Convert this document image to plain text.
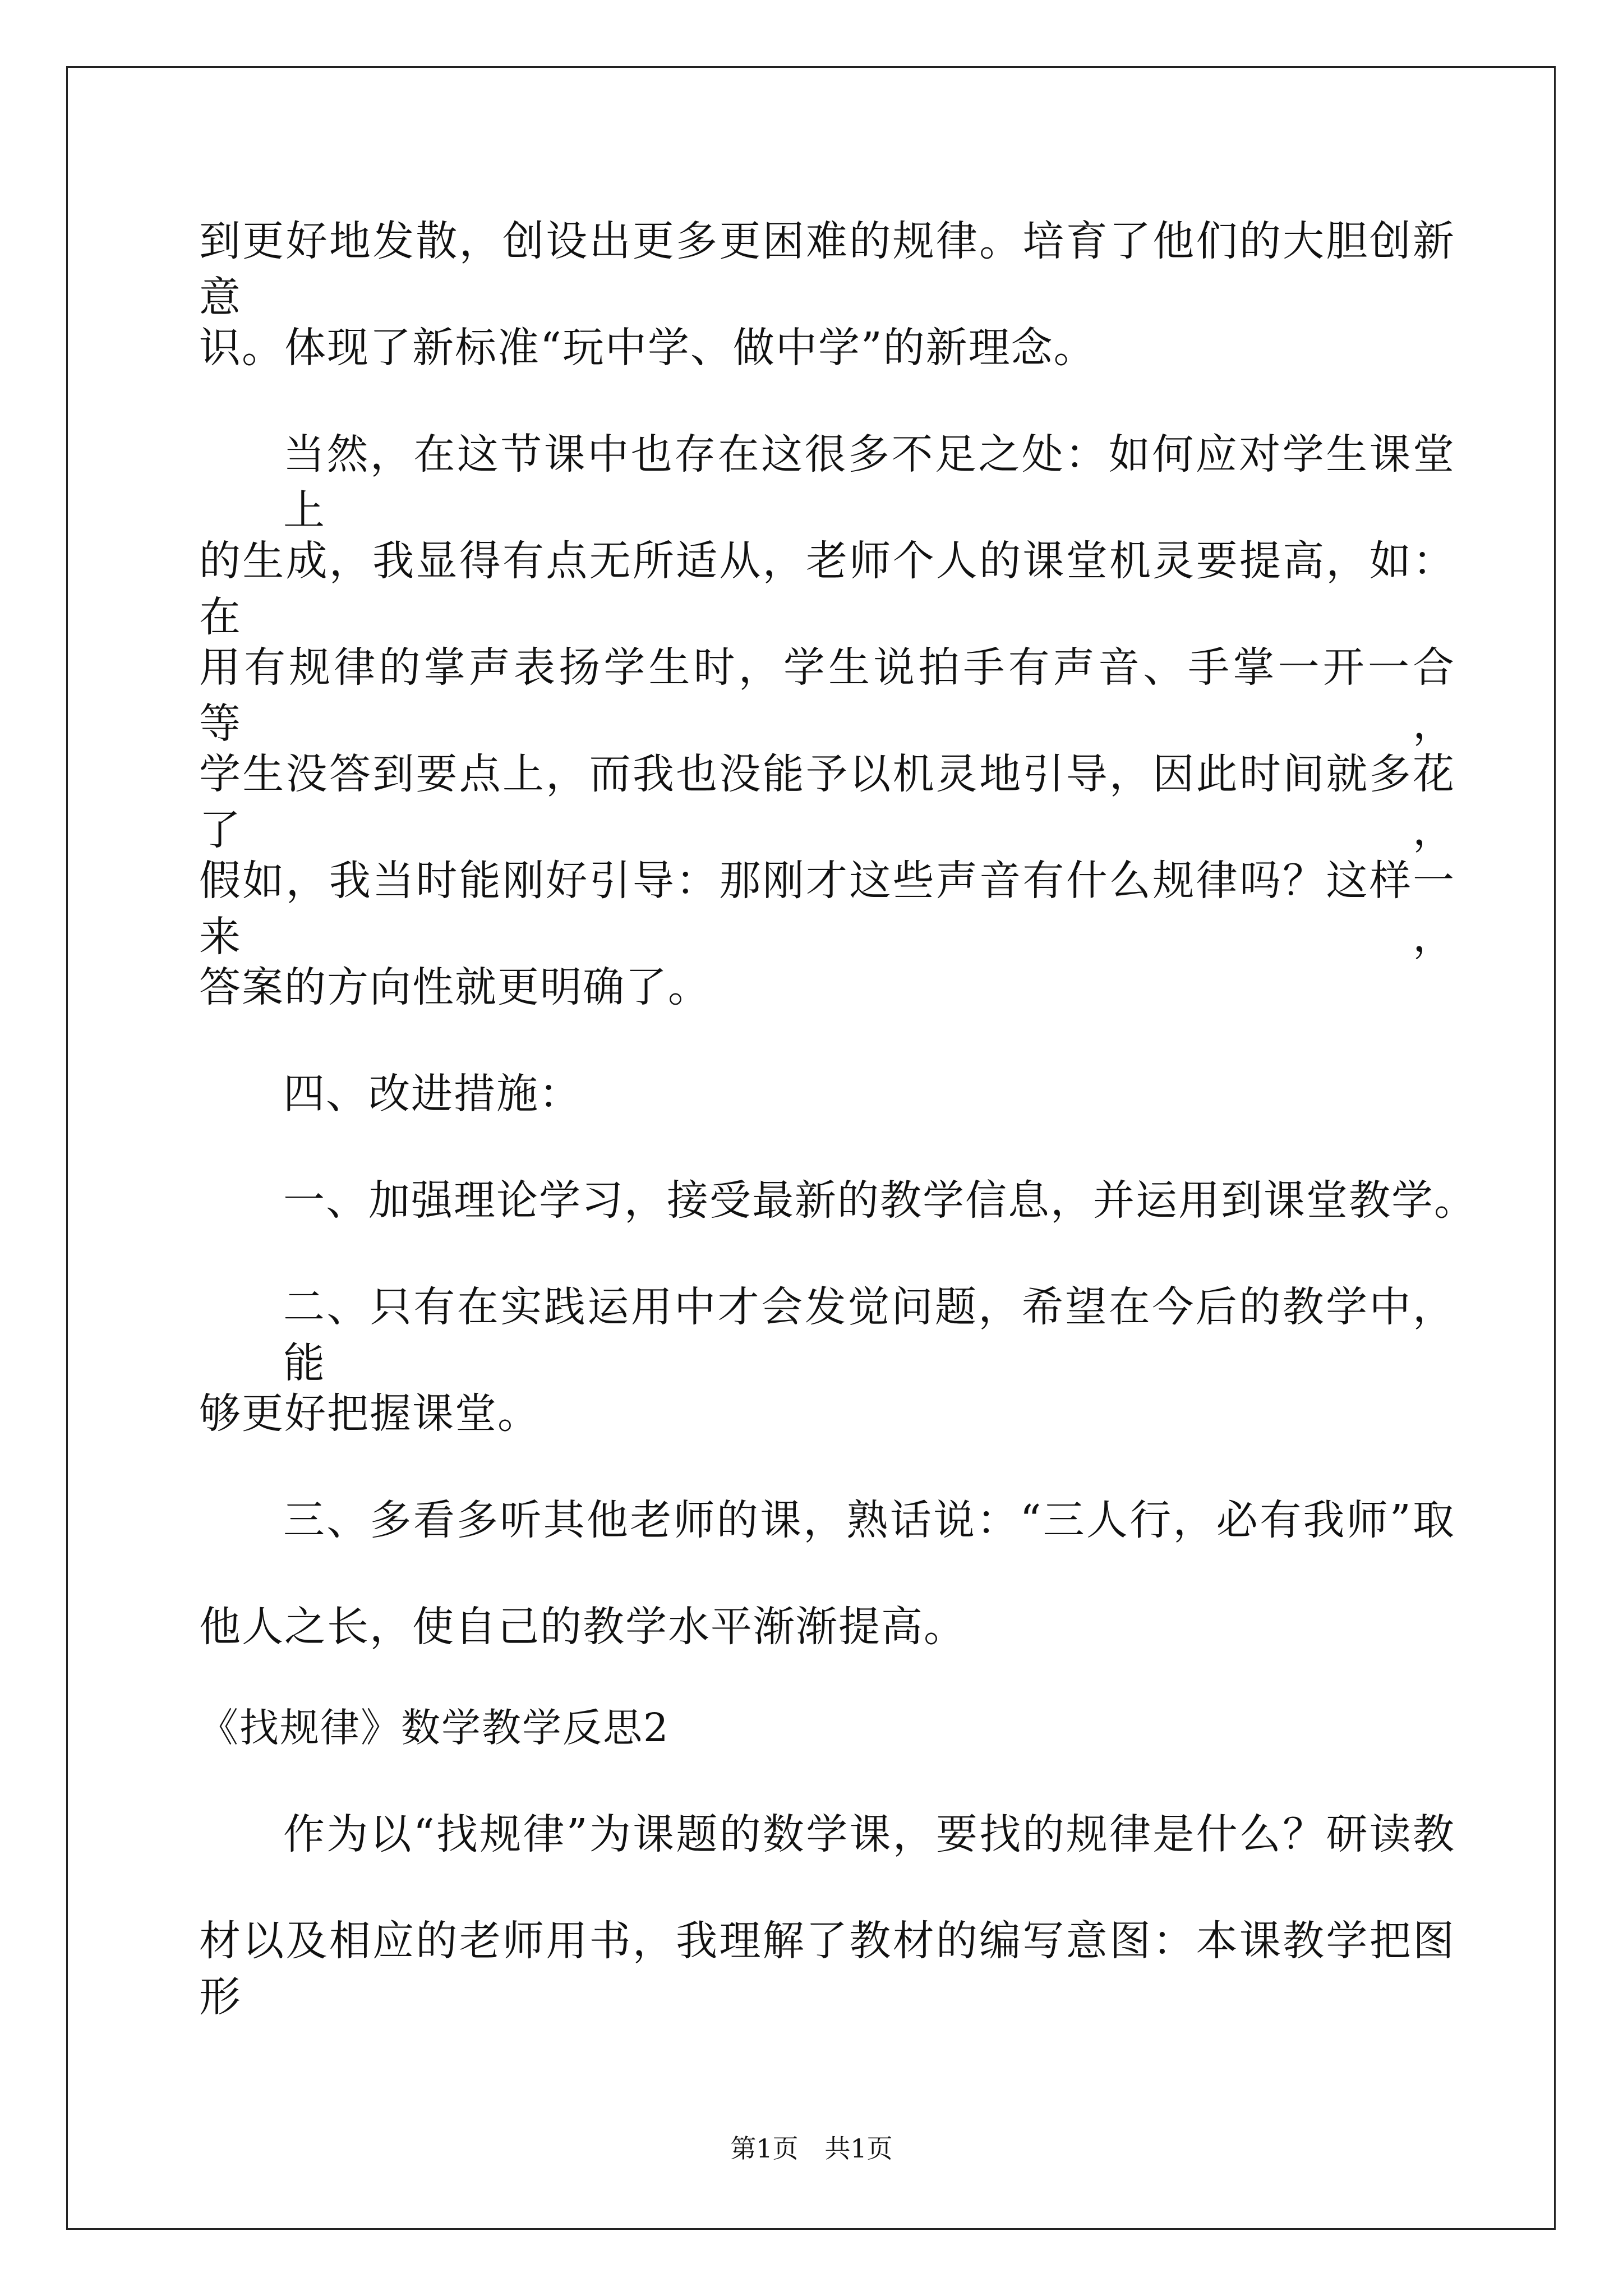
到更好地发散，创设出更多更困难的规律。培育了他们的大胆创新意
识。体现了新标准“玩中学、做中学”的新理念。
当然，在这节课中也存在这很多不足之处：如何应对学生课堂上
的生成，我显得有点无所适从，老师个人的课堂机灵要提高，如：在
用有规律的掌声表扬学生时，学生说拍手有声音、手掌一开一合等，
学生没答到要点上，而我也没能予以机灵地引导，因此时间就多花了，
假如，我当时能刚好引导：那刚才这些声音有什么规律吗？这样一来，
答案的方向性就更明确了。
四、改进措施：
一、加强理论学习，接受最新的教学信息，并运用到课堂教学。
二、只有在实践运用中才会发觉问题，希望在今后的教学中，能
够更好把握课堂。
三、多看多听其他老师的课，熟话说：“三人行，必有我师”取
他人之长，使自己的教学水平渐渐提高。
《找规律》数学教学反思2
作为以“找规律”为课题的数学课，要找的规律是什么？研读教
材以及相应的老师用书，我理解了教材的编写意图：本课教学把图形
第1页 共1页
